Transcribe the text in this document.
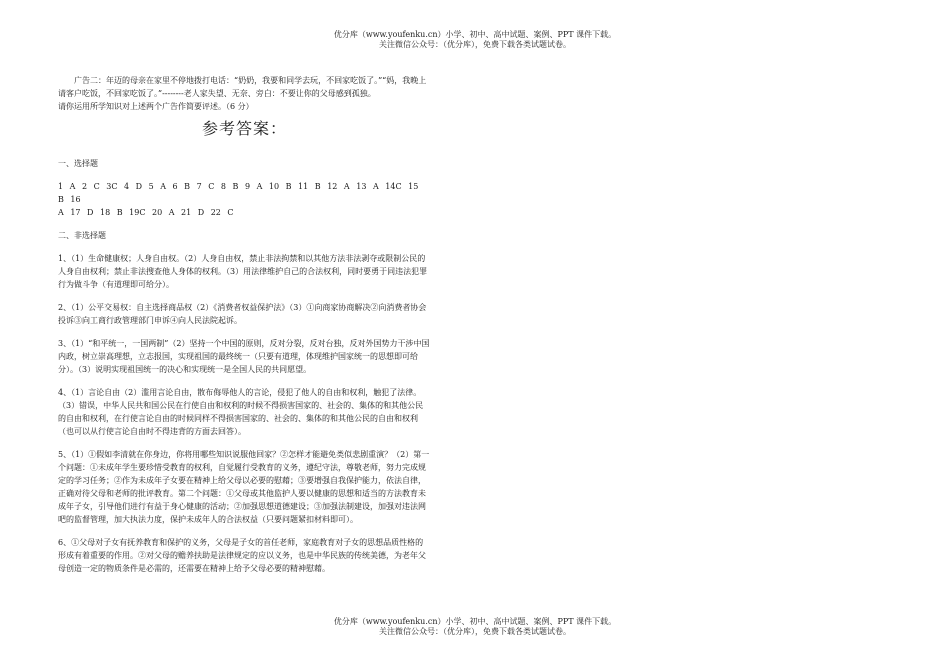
优分库（www.youfenku.cn）小学、初中、高中试题、案例、PPT 课件下载。
关注微信公众号：（优分库），免费下载各类试题试卷。

广告二：年迈的母亲在家里不停地拨打电话：“奶奶，我要和同学去玩，不回家吃饭了。”“妈，我晚上请客户吃饭，不回家吃饭了。”--------老人家失望、无奈、旁白：不要让你的父母感到孤独。

请你运用所学知识对上述两个广告作简要评述。（6 分）

参考答案：

一、选择题

1 A 2 C 3C 4 D 5 A 6 B 7 C 8 B 9 A 10 B 11 B 12 A 13 A 14C 15 B 16

A 17 D 18 B 19C 20 A 21 D 22 C

二、非选择题

1、（1）生命健康权；人身自由权。（2）人身自由权，禁止非法拘禁和以其他方法非法剥夺或限制公民的人身自由权利；禁止非法搜查他人身体的权利。（3）用法律维护自己的合法权利，同时要勇于同违法犯罪行为做斗争（有道理即可给分）。

2、（1）公平交易权：自主选择商品权（2）《消费者权益保护法》（3）①向商家协商解决②向消费者协会投诉③向工商行政管理部门申诉④向人民法院起诉。

3、（1）“和平统一，一国两制”（2）坚持一个中国的原则，反对分裂，反对台独，反对外国势力干涉中国内政，树立崇高理想，立志报国，实现祖国的最终统一（只要有道理，体现维护国家统一的思想即可给分）。（3）说明实现祖国统一的决心和实现统一是全国人民的共同愿望。

4、（1）言论自由（2）滥用言论自由，散布侮辱他人的言论，侵犯了他人的自由和权利，触犯了法律。（3）错误，中华人民共和国公民在行使自由和权利的时候不得损害国家的、社会的、集体的和其他公民的自由和权利，在行使言论自由的时候同样不得损害国家的、社会的、集体的和其他公民的自由和权利（也可以从行使言论自由时不得违背的方面去回答）。

5、（1）①假如李清就在你身边，你将用哪些知识说服他回家？②怎样才能避免类似悲剧重演？（2）第一个问题：①未成年学生要珍惜受教育的权利，自觉履行受教育的义务，遵纪守法，尊敬老师，努力完成规定的学习任务；②作为未成年子女要在精神上给父母以必要的慰藉；③要增强自我保护能力，依法自律，正确对待父母和老师的批评教育。第二个问题：①父母或其他监护人要以健康的思想和适当的方法教育未成年子女，引导他们进行有益于身心健康的活动；②加强思想道德建设；③加强法制建设，加强对违法网吧的监督管理，加大执法力度，保护未成年人的合法权益（只要问题紧扣材料即可）。

6、①父母对子女有抚养教育和保护的义务，父母是子女的首任老师，家庭教育对子女的思想品质性格的形成有着重要的作用。②对父母的赡养扶助是法律规定的应以义务，也是中华民族的传统美德，为老年父母创造一定的物质条件是必需的，还需要在精神上给予父母必要的精神慰藉。

优分库（www.youfenku.cn）小学、初中、高中试题、案例、PPT 课件下载。
关注微信公众号：（优分库），免费下载各类试题试卷。
